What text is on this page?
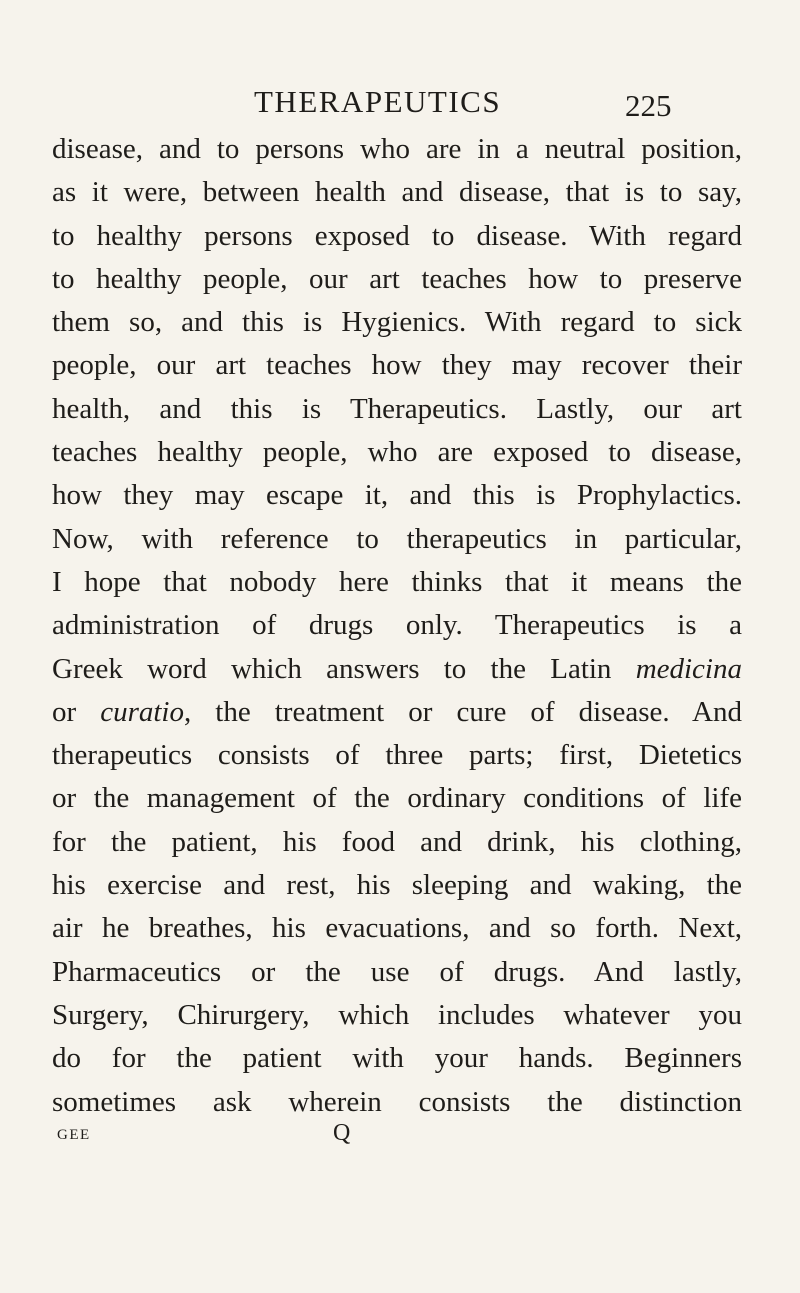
THERAPEUTICS	225
disease, and to persons who are in a neutral position,
as it were, between health and disease, that is to say,
to healthy persons exposed to disease. With regard
to healthy people, our art teaches how to preserve
them so, and this is Hygienics. With regard to sick
people, our art teaches how they may recover their
health, and this is Therapeutics. Lastly, our art
teaches healthy people, who are exposed to disease,
how they may escape it, and this is Prophylactics.
Now, with reference to therapeutics in particular,
I hope that nobody here thinks that it means the
administration of drugs only. Therapeutics is a
Greek word which answers to the Latin medicina
or curatio, the treatment or cure of disease. And
therapeutics consists of three parts; first, Dietetics
or the management of the ordinary conditions of life
for the patient, his food and drink, his clothing,
his exercise and rest, his sleeping and waking, the
air he breathes, his evacuations, and so forth. Next,
Pharmaceutics or the use of drugs. And lastly,
Surgery, Chirurgery, which includes whatever you
do for the patient with your hands. Beginners
sometimes ask wherein consists the distinction
GEE	Q
